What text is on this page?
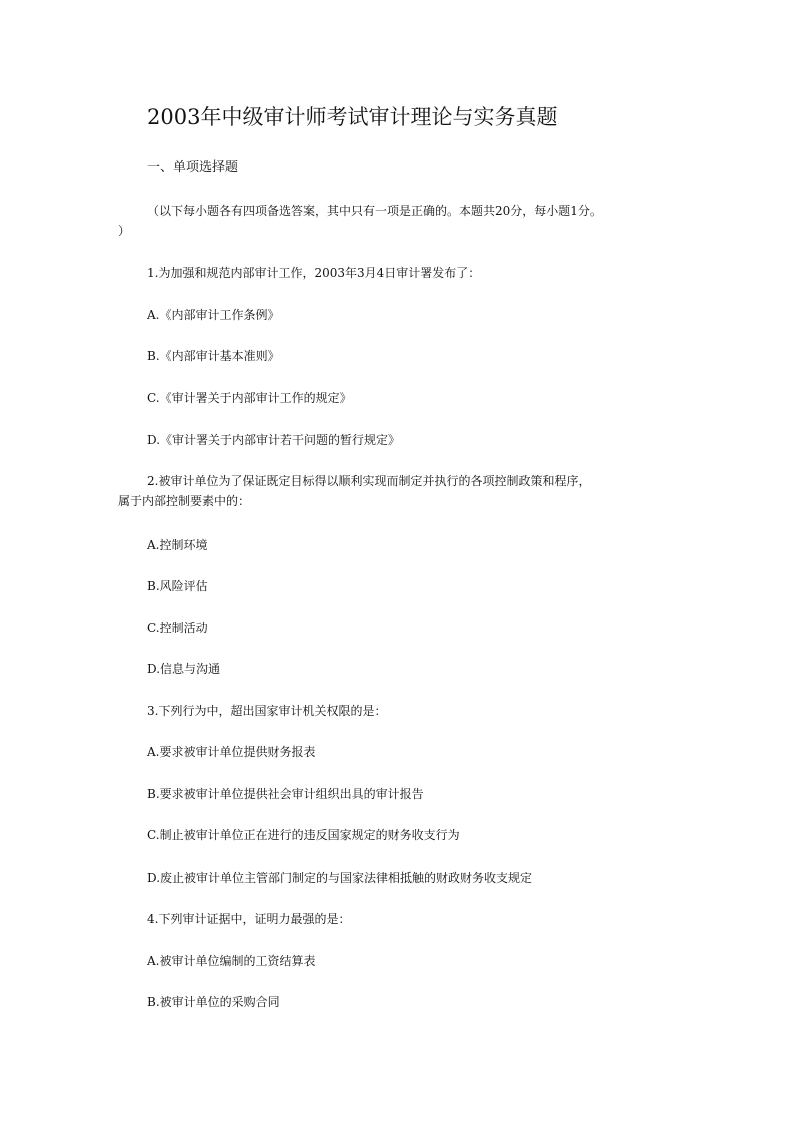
2003年中级审计师考试审计理论与实务真题
一、单项选择题
（以下每小题各有四项备选答案，其中只有一项是正确的。本题共20分，每小题1分。
）
1.为加强和规范内部审计工作，2003年3月4日审计署发布了：
A.《内部审计工作条例》
B.《内部审计基本准则》
C.《审计署关于内部审计工作的规定》
D.《审计署关于内部审计若干问题的暂行规定》
2.被审计单位为了保证既定目标得以顺利实现而制定并执行的各项控制政策和程序，
属于内部控制要素中的：
A.控制环境
B.风险评估
C.控制活动
D.信息与沟通
3.下列行为中，超出国家审计机关权限的是：
A.要求被审计单位提供财务报表
B.要求被审计单位提供社会审计组织出具的审计报告
C.制止被审计单位正在进行的违反国家规定的财务收支行为
D.废止被审计单位主管部门制定的与国家法律相抵触的财政财务收支规定
4.下列审计证据中，证明力最强的是：
A.被审计单位编制的工资结算表
B.被审计单位的采购合同
